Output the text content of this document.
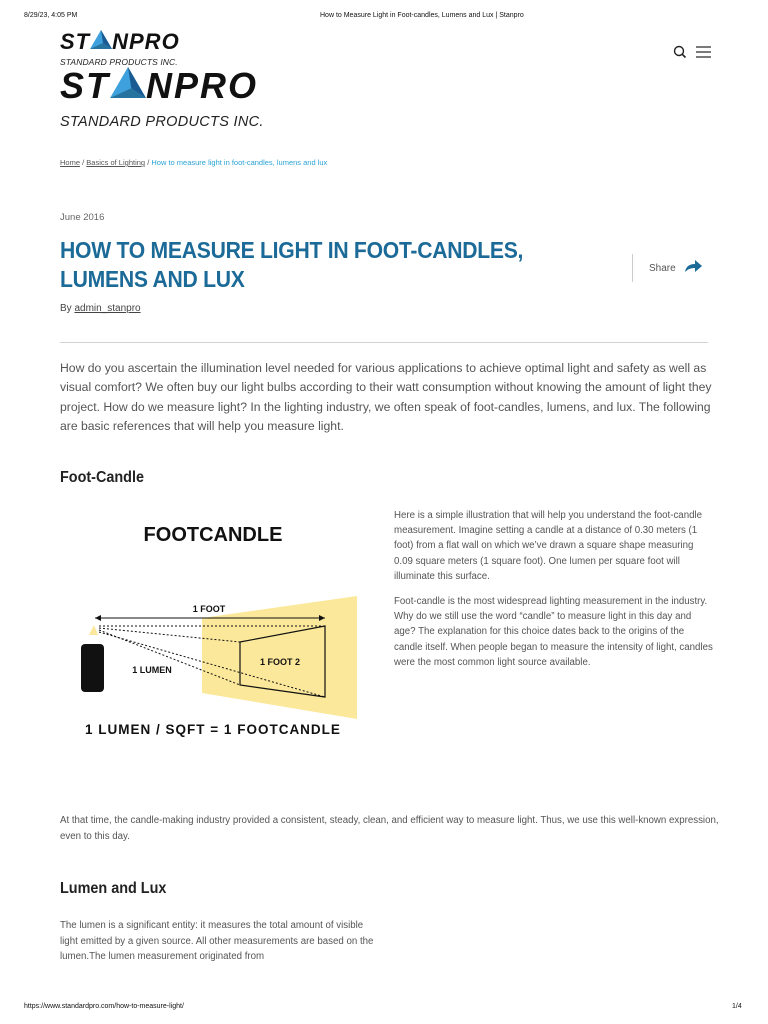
8/29/23, 4:05 PM	How to Measure Light in Foot-candles, Lumens and Lux | Stanpro
ST NPRO
STANDARD PRODUCTS INC.
ST NPRO
STANDARD PRODUCTS INC.
Home / Basics of Lighting / How to measure light in foot-candles, lumens and lux
June 2016
HOW TO MEASURE LIGHT IN FOOT-CANDLES, LUMENS AND LUX
By admin_stanpro
Share

How do you ascertain the illumination level needed for various applications to achieve optimal light and safety as well as visual comfort? We often buy our light bulbs according to their watt consumption without knowing the amount of light they project. How do we measure light? In the lighting industry, we often speak of foot-candles, lumens, and lux. The following are basic references that will help you measure light.

Foot-Candle
FOOTCANDLE
1 FOOT
1 FOOT 2
1 LUMEN
1 LUMEN / SQFT = 1 FOOTCANDLE

Here is a simple illustration that will help you understand the foot-candle measurement. Imagine setting a candle at a distance of 0.30 meters (1 foot) from a flat wall on which we’ve drawn a square shape measuring 0.09 square meters (1 square foot). One lumen per square foot will illuminate this surface.

Foot-candle is the most widespread lighting measurement in the industry. Why do we still use the word “candle” to measure light in this day and age? The explanation for this choice dates back to the origins of the candle itself. When people began to measure the intensity of light, candles were the most common light source available.

At that time, the candle-making industry provided a consistent, steady, clean, and efficient way to measure light. Thus, we use this well-known expression, even to this day.

Lumen and Lux

The lumen is a significant entity: it measures the total amount of visible light emitted by a given source. All other measurements are based on the lumen.The lumen measurement originated from

https://www.standardpro.com/how-to-measure-light/	1/4
